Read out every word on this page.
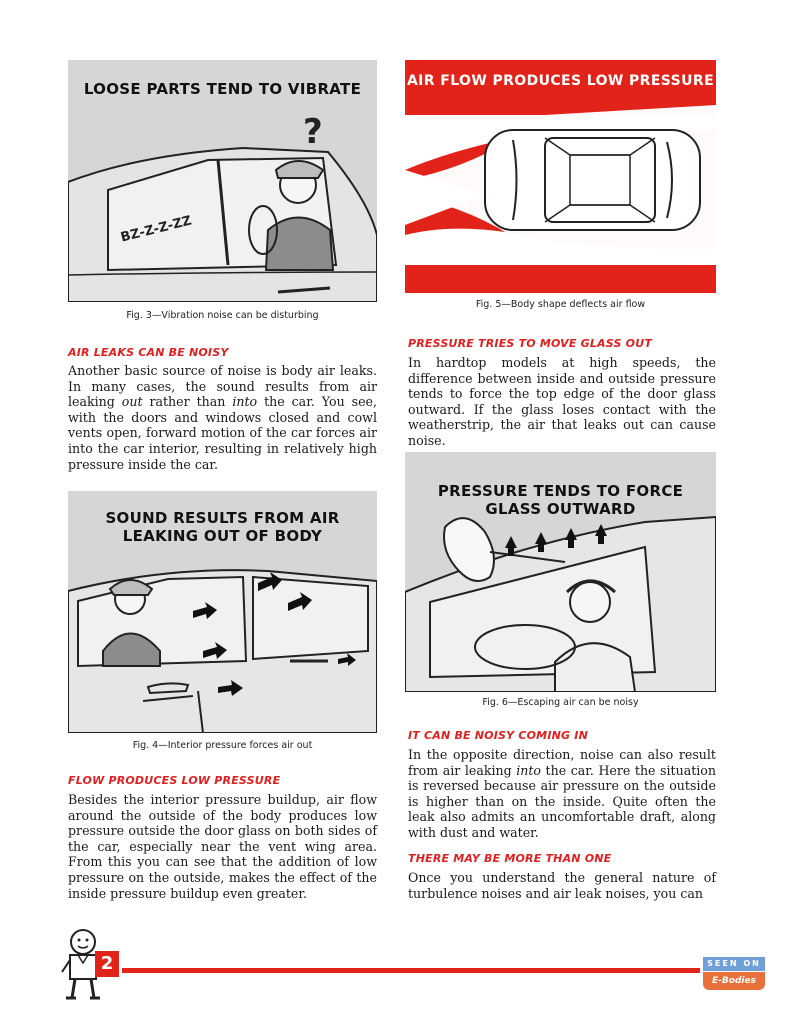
LOOSE PARTS TEND TO VIBRATE
?
BZ-Z-Z-ZZ
Fig. 3—Vibration noise can be disturbing
AIR FLOW PRODUCES LOW PRESSURE
Fig. 5—Body shape deflects air flow
AIR LEAKS CAN BE NOISY

Another basic source of noise is body air leaks. In many cases, the sound results from air leaking out rather than into the car. You see, with the doors and windows closed and cowl vents open, forward motion of the car forces air into the car interior, resulting in relatively high pressure inside the car.

PRESSURE TRIES TO MOVE GLASS OUT

In hardtop models at high speeds, the difference between inside and outside pressure tends to force the top edge of the door glass outward. If the glass loses contact with the weatherstrip, the air that leaks out can cause noise.

SOUND RESULTS FROM AIR
LEAKING OUT OF BODY
Fig. 4—Interior pressure forces air out
PRESSURE TENDS TO FORCE
GLASS OUTWARD
Fig. 6—Escaping air can be noisy
IT CAN BE NOISY COMING IN

In the opposite direction, noise can also result from air leaking into the car. Here the situation is reversed because air pressure on the outside is higher than on the inside. Quite often the leak also admits an uncomfortable draft, along with dust and water.

FLOW PRODUCES LOW PRESSURE

Besides the interior pressure buildup, air flow around the outside of the body produces low pressure outside the door glass on both sides of the car, especially near the vent wing area. From this you can see that the addition of low pressure on the outside, makes the effect of the inside pressure buildup even greater.

THERE MAY BE MORE THAN ONE

Once you understand the general nature of turbulence noises and air leak noises, you can

2	SEEN ON
E-Bodies
